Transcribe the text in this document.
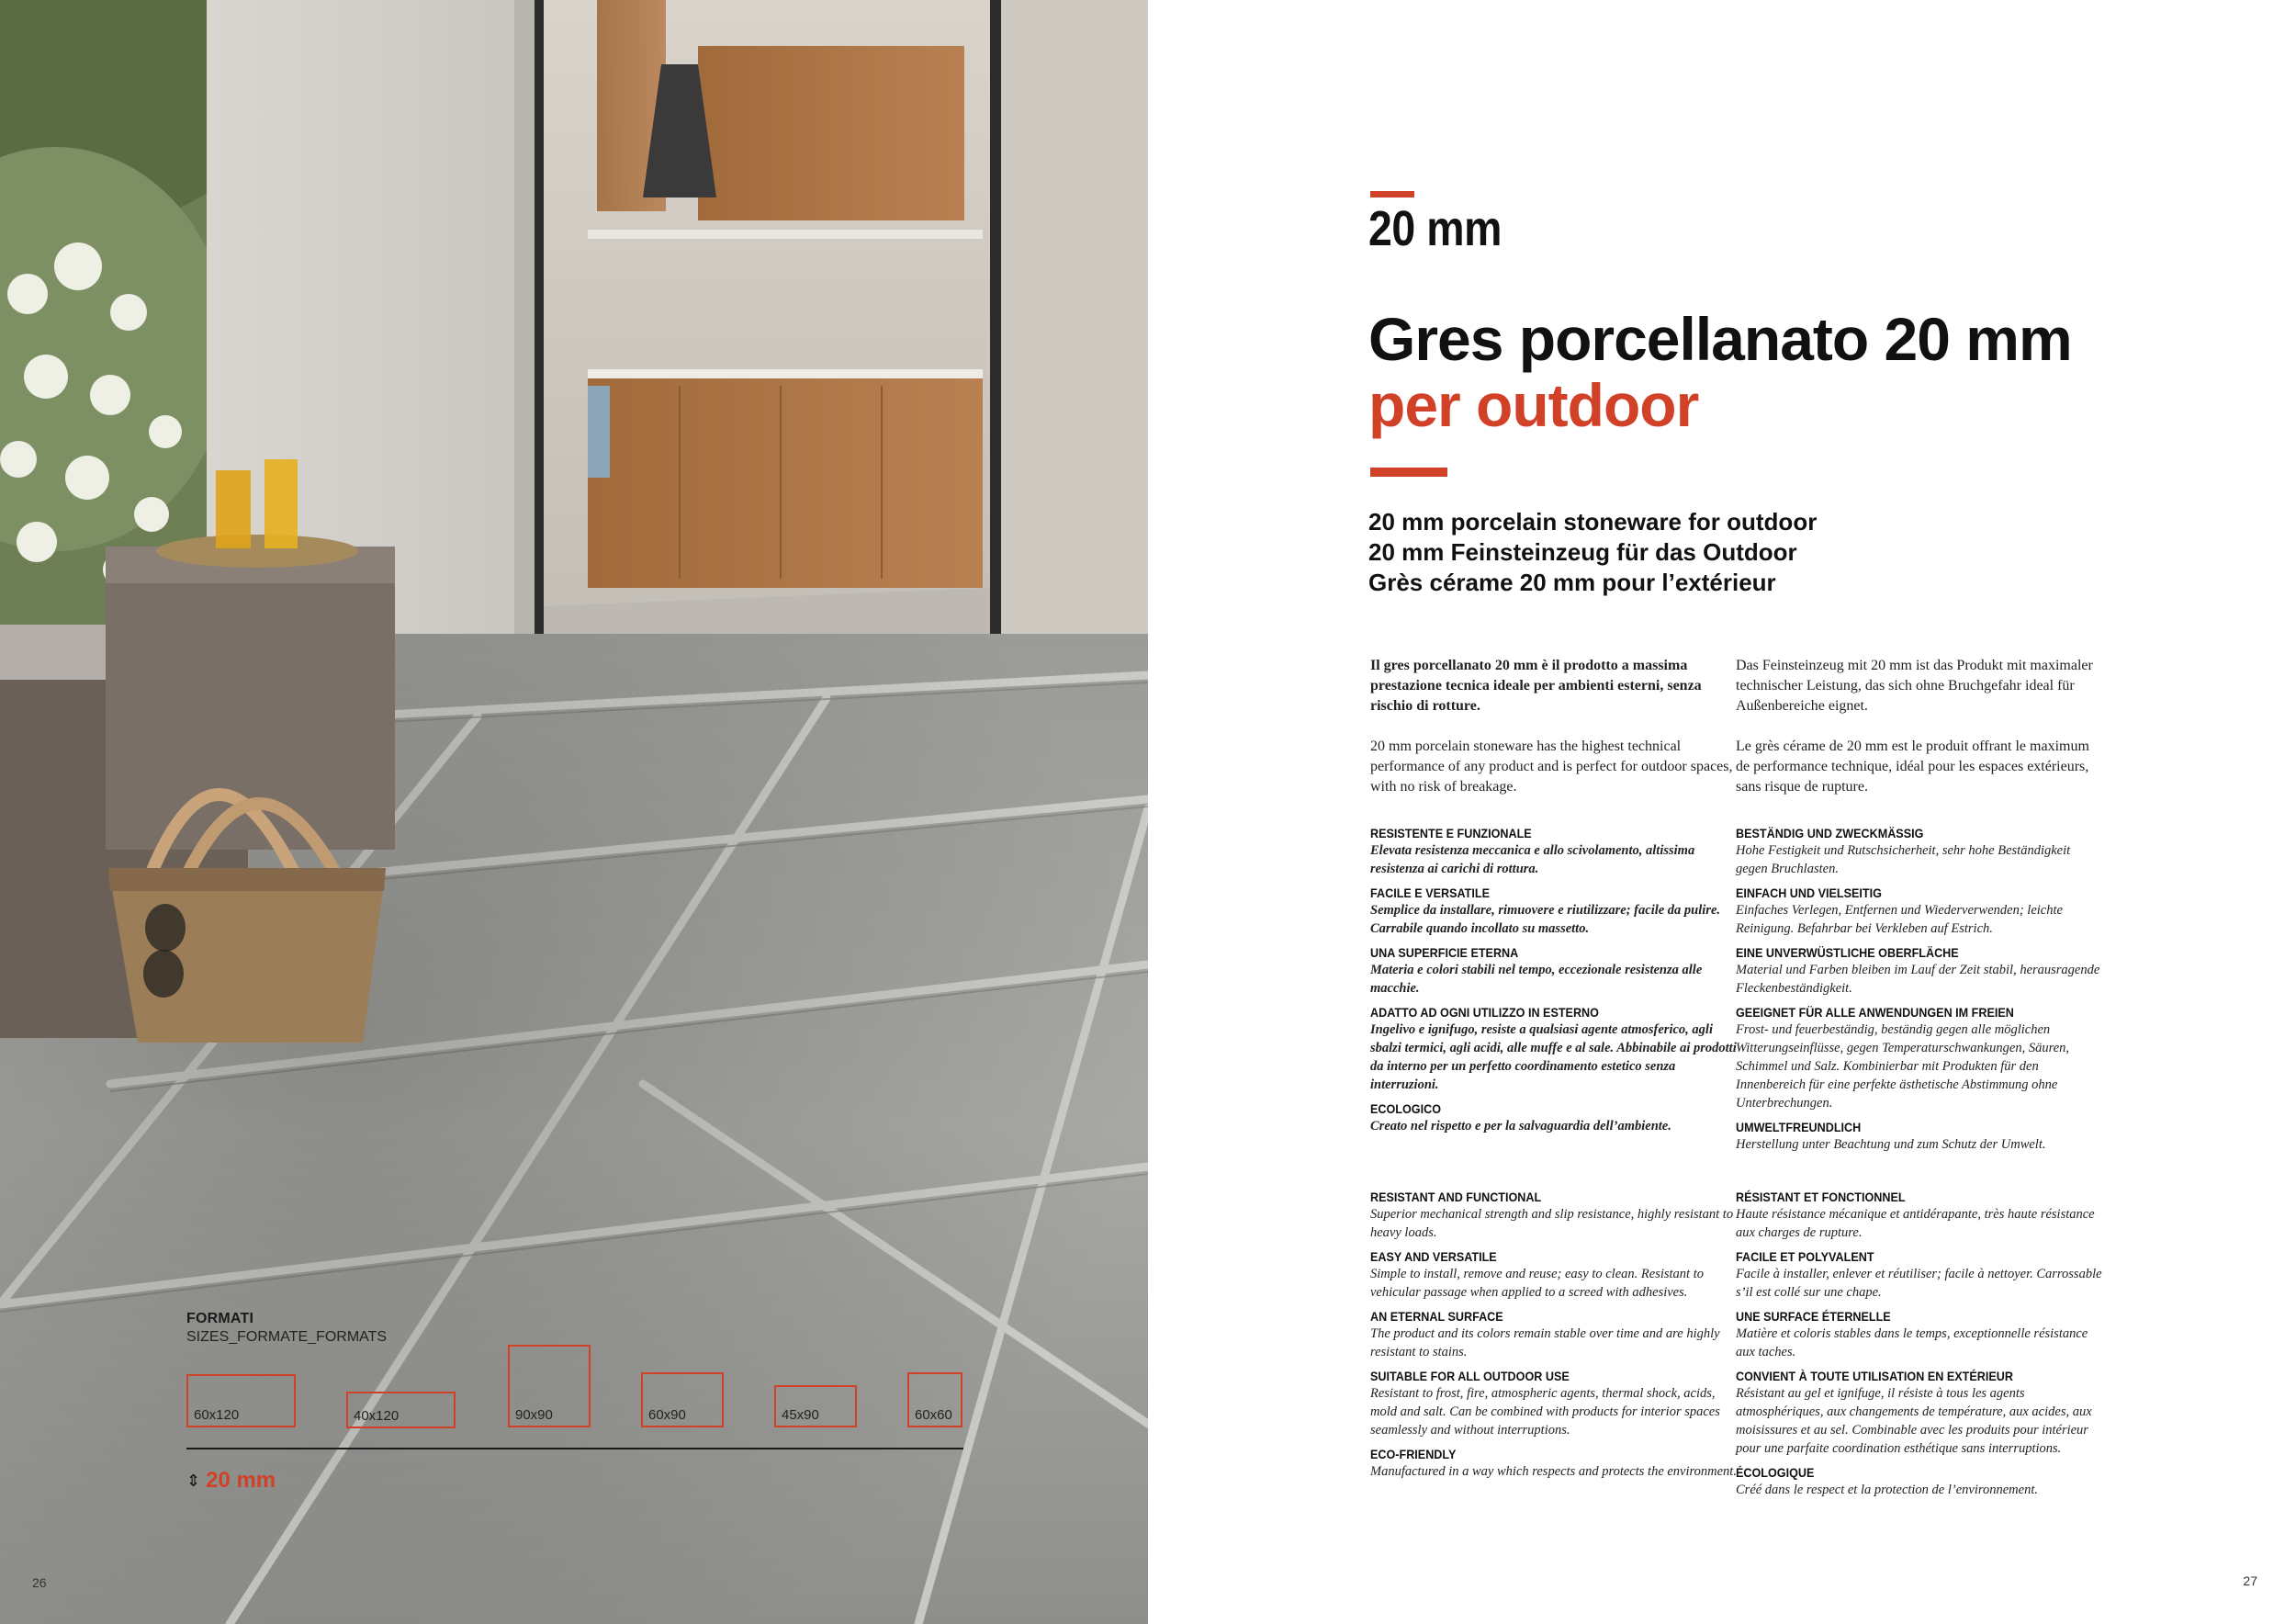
FORMATI
SIZES_FORMATE_FORMATS
60x120	40x120	90x90	60x90	45x90	60x60
⇕ 20 mm
26
20 mm
Gres porcellanato 20 mm
per outdoor
20 mm porcelain stoneware for outdoor
20 mm Feinsteinzeug für das Outdoor
Grès cérame 20 mm pour l’extérieur

Il gres porcellanato 20 mm è il prodotto a massima prestazione tecnica ideale per ambienti esterni, senza rischio di rotture.

20 mm porcelain stoneware has the highest technical performance of any product and is perfect for outdoor spaces, with no risk of breakage.

Das Feinsteinzeug mit 20 mm ist das Produkt mit maximaler technischer Leistung, das sich ohne Bruchgefahr ideal für Außenbereiche eignet.

Le grès cérame de 20 mm est le produit offrant le maximum de performance technique, idéal pour les espaces extérieurs, sans risque de rupture.

RESISTENTE E FUNZIONALE
Elevata resistenza meccanica e allo scivolamento, altissima resistenza ai carichi di rottura.
FACILE E VERSATILE
Semplice da installare, rimuovere e riutilizzare; facile da pulire. Carrabile quando incollato su massetto.
UNA SUPERFICIE ETERNA
Materia e colori stabili nel tempo, eccezionale resistenza alle macchie.
ADATTO AD OGNI UTILIZZO IN ESTERNO
Ingelivo e ignifugo, resiste a qualsiasi agente atmosferico, agli sbalzi termici, agli acidi, alle muffe e al sale. Abbinabile ai prodotti da interno per un perfetto coordinamento estetico senza interruzioni.
ECOLOGICO
Creato nel rispetto e per la salvaguardia dell’ambiente.
BESTÄNDIG UND ZWECKMÄSSIG
Hohe Festigkeit und Rutschsicherheit, sehr hohe Beständigkeit gegen Bruchlasten.
EINFACH UND VIELSEITIG
Einfaches Verlegen, Entfernen und Wiederverwenden; leichte Reinigung. Befahrbar bei Verkleben auf Estrich.
EINE UNVERWÜSTLICHE OBERFLÄCHE
Material und Farben bleiben im Lauf der Zeit stabil, herausragende Fleckenbeständigkeit.
GEEIGNET FÜR ALLE ANWENDUNGEN IM FREIEN
Frost- und feuerbeständig, beständig gegen alle möglichen Witterungseinflüsse, gegen Temperaturschwankungen, Säuren, Schimmel und Salz. Kombinierbar mit Produkten für den Innenbereich für eine perfekte ästhetische Abstimmung ohne Unterbrechungen.
UMWELTFREUNDLICH
Herstellung unter Beachtung und zum Schutz der Umwelt.
RESISTANT AND FUNCTIONAL
Superior mechanical strength and slip resistance, highly resistant to heavy loads.
EASY AND VERSATILE
Simple to install, remove and reuse; easy to clean. Resistant to vehicular passage when applied to a screed with adhesives.
AN ETERNAL SURFACE
The product and its colors remain stable over time and are highly resistant to stains.
SUITABLE FOR ALL OUTDOOR USE
Resistant to frost, fire, atmospheric agents, thermal shock, acids, mold and salt. Can be combined with products for interior spaces seamlessly and without interruptions.
ECO-FRIENDLY
Manufactured in a way which respects and protects the environment.
RÉSISTANT ET FONCTIONNEL
Haute résistance mécanique et antidérapante, très haute résistance aux charges de rupture.
FACILE ET POLYVALENT
Facile à installer, enlever et réutiliser; facile à nettoyer. Carrossable s’il est collé sur une chape.
UNE SURFACE ÉTERNELLE
Matière et coloris stables dans le temps, exceptionnelle résistance aux taches.
CONVIENT À TOUTE UTILISATION EN EXTÉRIEUR
Résistant au gel et ignifuge, il résiste à tous les agents atmosphériques, aux changements de température, aux acides, aux moisissures et au sel. Combinable avec les produits pour intérieur pour une parfaite coordination esthétique sans interruptions.
ÉCOLOGIQUE
Créé dans le respect et la protection de l’environnement.
27
